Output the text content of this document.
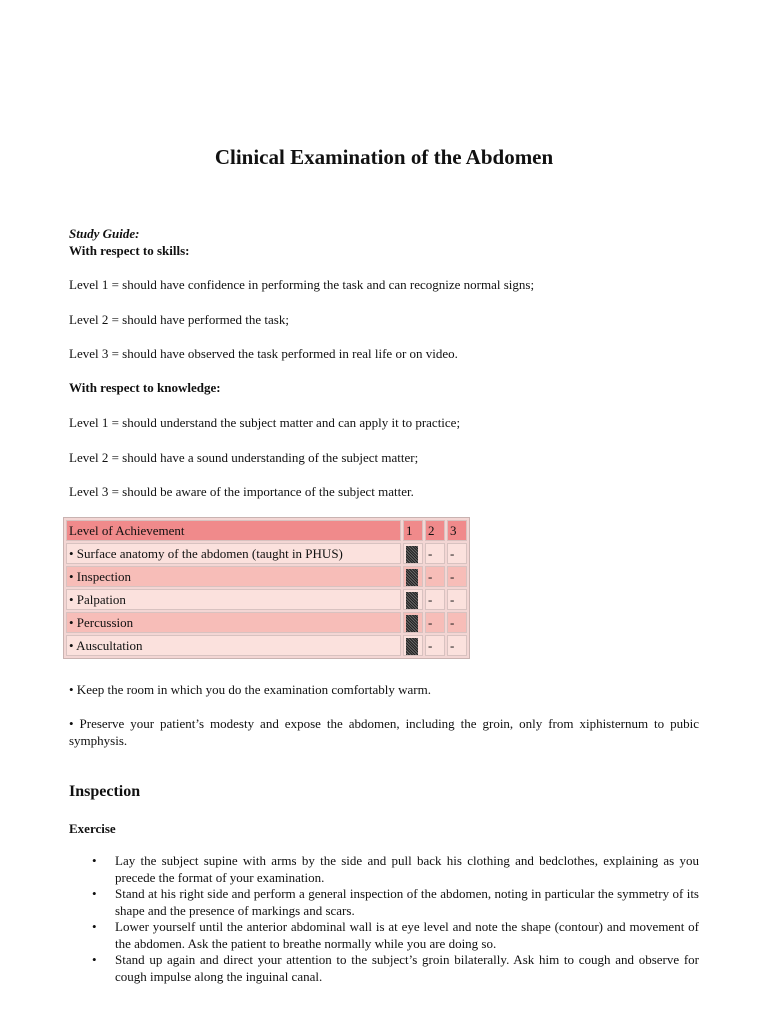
Clinical Examination of the Abdomen
Study Guide:
With respect to skills:
Level 1 = should have confidence in performing the task and can recognize normal signs;
Level 2 = should have performed the task;
Level 3 = should have observed the task performed in real life or on video.
With respect to knowledge:
Level 1 = should understand the subject matter and can apply it to practice;
Level 2 = should have a sound understanding of the subject matter;
Level 3 = should be aware of the importance of the subject matter.
Level of Achievement	1	2	3
• Surface anatomy of the abdomen (taught in PHUS)		-	-
• Inspection		-	-
• Palpation		-	-
• Percussion		-	-
• Auscultation		-	-
• Keep the room in which you do the examination comfortably warm.
• Preserve your patient’s modesty and expose the abdomen, including the groin, only from xiphisternum to pubic symphysis.
Inspection
Exercise
• Lay the subject supine with arms by the side and pull back his clothing and bedclothes, explaining as you precede the format of your examination.
• Stand at his right side and perform a general inspection of the abdomen, noting in particular the symmetry of its shape and the presence of markings and scars.
• Lower yourself until the anterior abdominal wall is at eye level and note the shape (contour) and movement of the abdomen. Ask the patient to breathe normally while you are doing so.
• Stand up again and direct your attention to the subject’s groin bilaterally. Ask him to cough and observe for cough impulse along the inguinal canal.
